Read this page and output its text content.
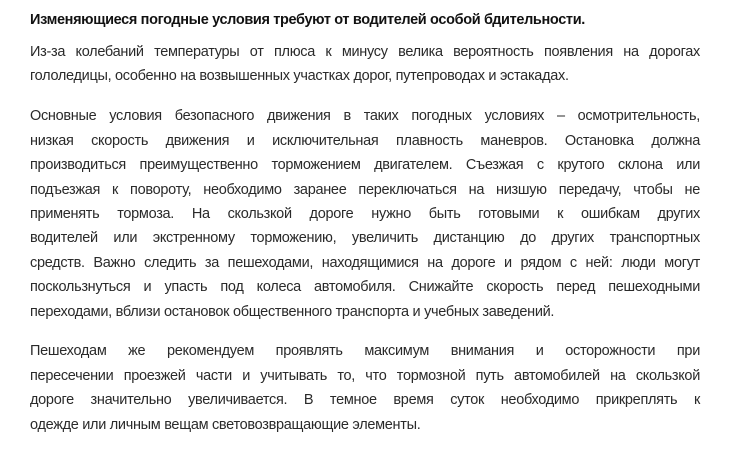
Изменяющиеся погодные условия требуют от водителей особой бдительности.
Из-за колебаний температуры от плюса к минусу велика вероятность появления на дорогах
гололедицы, особенно на возвышенных участках дорог, путепроводах и эстакадах.
Основные условия безопасного движения в таких погодных условиях – осмотрительность,
низкая скорость движения и исключительная плавность маневров. Остановка должна
производиться преимущественно торможением двигателем. Съезжая с крутого склона или
подъезжая к повороту, необходимо заранее переключаться на низшую передачу, чтобы не
применять тормоза. На скользкой дороге нужно быть готовыми к ошибкам других
водителей или экстренному торможению, увеличить дистанцию до других транспортных
средств. Важно следить за пешеходами, находящимися на дороге и рядом с ней: люди могут
поскользнуться и упасть под колеса автомобиля. Снижайте скорость перед пешеходными
переходами, вблизи остановок общественного транспорта и учебных заведений.
Пешеходам же рекомендуем проявлять максимум внимания и осторожности при
пересечении проезжей части и учитывать то, что тормозной путь автомобилей на скользкой
дороге значительно увеличивается. В темное время суток необходимо прикреплять к
одежде или личным вещам световозвращающие элементы.
